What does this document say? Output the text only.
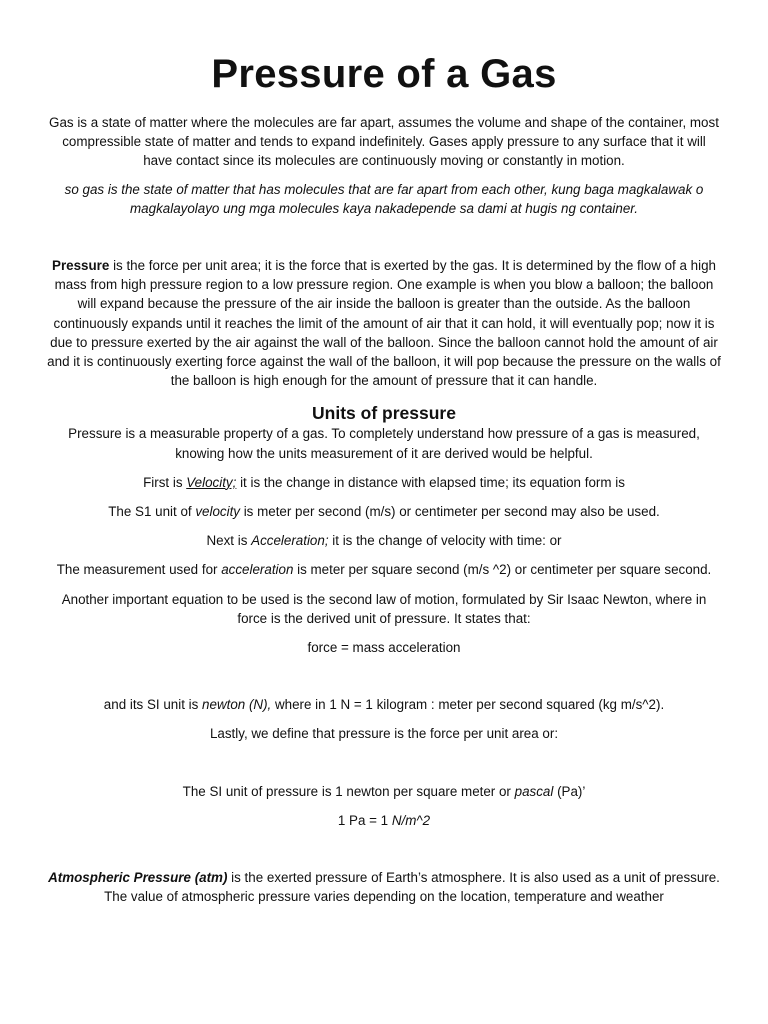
Pressure of a Gas

Gas is a state of matter where the molecules are far apart, assumes the volume and shape of the container, most compressible state of matter and tends to expand indefinitely. Gases apply pressure to any surface that it will have contact since its molecules are continuously moving or constantly in motion.

so gas is the state of matter that has molecules that are far apart from each other, kung baga magkalawak o magkalayolayo ung mga molecules kaya nakadepende sa dami at hugis ng container.

Pressure is the force per unit area; it is the force that is exerted by the gas. It is determined by the flow of a high mass from high pressure region to a low pressure region. One example is when you blow a balloon; the balloon will expand because the pressure of the air inside the balloon is greater than the outside. As the balloon continuously expands until it reaches the limit of the amount of air that it can hold, it will eventually pop; now it is due to pressure exerted by the air against the wall of the balloon. Since the balloon cannot hold the amount of air and it is continuously exerting force against the wall of the balloon, it will pop because the pressure on the walls of the balloon is high enough for the amount of pressure that it can handle.

Units of pressure

Pressure is a measurable property of a gas. To completely understand how pressure of a gas is measured, knowing how the units measurement of it are derived would be helpful.

First is Velocity; it is the change in distance with elapsed time; its equation form is

The S1 unit of velocity is meter per second (m/s) or centimeter per second may also be used.

Next is Acceleration; it is the change of velocity with time: or

The measurement used for acceleration is meter per square second (m/s ^2) or centimeter per square second.

Another important equation to be used is the second law of motion, formulated by Sir Isaac Newton, where in force is the derived unit of pressure. It states that:

force = mass acceleration

and its SI unit is newton (N), where in 1 N = 1 kilogram : meter per second squared (kg m/s^2).

Lastly, we define that pressure is the force per unit area or:

The SI unit of pressure is 1 newton per square meter or pascal (Pa)’

1 Pa = 1 N/m^2

Atmospheric Pressure (atm) is the exerted pressure of Earth’s atmosphere. It is also used as a unit of pressure. The value of atmospheric pressure varies depending on the location, temperature and weather
